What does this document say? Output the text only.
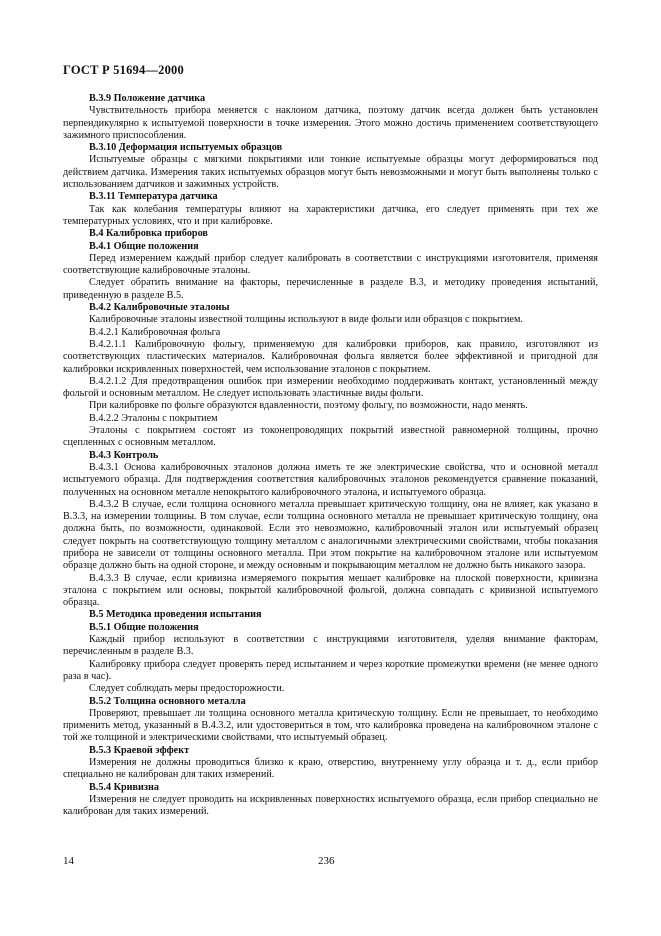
ГОСТ Р 51694—2000

В.3.9 Положение датчика

Чувствительность прибора меняется с наклоном датчика, поэтому датчик всегда должен быть установлен перпендикулярно к испытуемой поверхности в точке измерения. Этого можно достичь применением соответствующего зажимного приспособления.

В.3.10 Деформация испытуемых образцов

Испытуемые образцы с мягкими покрытиями или тонкие испытуемые образцы могут деформироваться под действием датчика. Измерения таких испытуемых образцов могут быть невозможными и могут быть выполнены только с использованием датчиков и зажимных устройств.

В.3.11 Температура датчика

Так как колебания температуры влияют на характеристики датчика, его следует применять при тех же температурных условиях, что и при калибровке.

В.4 Калибровка приборов

В.4.1 Общие положения

Перед измерением каждый прибор следует калибровать в соответствии с инструкциями изготовителя, применяя соответствующие калибровочные эталоны.

Следует обратить внимание на факторы, перечисленные в разделе В.3, и методику проведения испытаний, приведенную в разделе В.5.

В.4.2 Калибровочные эталоны

Калибровочные эталоны известной толщины используют в виде фольги или образцов с покрытием.

В.4.2.1 Калибровочная фольга

В.4.2.1.1 Калибровочную фольгу, применяемую для калибровки приборов, как правило, изготовляют из соответствующих пластических материалов. Калибровочная фольга является более эффективной и пригодной для калибровки искривленных поверхностей, чем использование эталонов с покрытием.

В.4.2.1.2 Для предотвращения ошибок при измерении необходимо поддерживать контакт, установленный между фольгой и основным металлом. Не следует использовать эластичные виды фольги.

При калибровке по фольге образуются вдавленности, поэтому фольгу, по возможности, надо менять.

В.4.2.2 Эталоны с покрытием

Эталоны с покрытием состоят из токонепроводящих покрытий известной равномерной толщины, прочно сцепленных с основным металлом.

В.4.3 Контроль

В.4.3.1 Основа калибровочных эталонов должна иметь те же электрические свойства, что и основной металл испытуемого образца. Для подтверждения соответствия калибровочных эталонов рекомендуется сравнение показаний, полученных на основном металле непокрытого калибровочного эталона, и испытуемого образца.

В.4.3.2 В случае, если толщина основного металла превышает критическую толщину, она не влияет, как указано в В.3.3, на измерении толщины. В том случае, если толщина основного металла не превышает критическую толщину, она должна быть, по возможности, одинаковой. Если это невозможно, калибровочный эталон или испытуемый образец следует покрыть на соответствующую толщину металлом с аналогичными электрическими свойствами, чтобы показания прибора не зависели от толщины основного металла. При этом покрытие на калибровочном эталоне или испытуемом образце должно быть на одной стороне, и между основным и покрывающим металлом не должно быть никакого зазора.

В.4.3.3 В случае, если кривизна измеряемого покрытия мешает калибровке на плоской поверхности, кривизна эталона с покрытием или основы, покрытой калибровочной фольгой, должна совпадать с кривизной испытуемого образца.

В.5 Методика проведения испытания

В.5.1 Общие положения

Каждый прибор используют в соответствии с инструкциями изготовителя, уделяя внимание факторам, перечисленным в разделе В.3.

Калибровку прибора следует проверять перед испытанием и через короткие промежутки времени (не менее одного раза в час).

Следует соблюдать меры предосторожности.

В.5.2 Толщина основного металла

Проверяют, превышает ли толщина основного металла критическую толщину. Если не превышает, то необходимо применить метод, указанный в В.4.3.2, или удостовериться в том, что калибровка проведена на калибровочном эталоне с той же толщиной и электрическими свойствами, что испытуемый образец.

В.5.3 Краевой эффект

Измерения не должны проводиться близко к краю, отверстию, внутреннему углу образца и т. д., если прибор специально не калиброван для таких измерений.

В.5.4 Кривизна

Измерения не следует проводить на искривленных поверхностях испытуемого образца, если прибор специально не калиброван для таких измерений.

14	236
